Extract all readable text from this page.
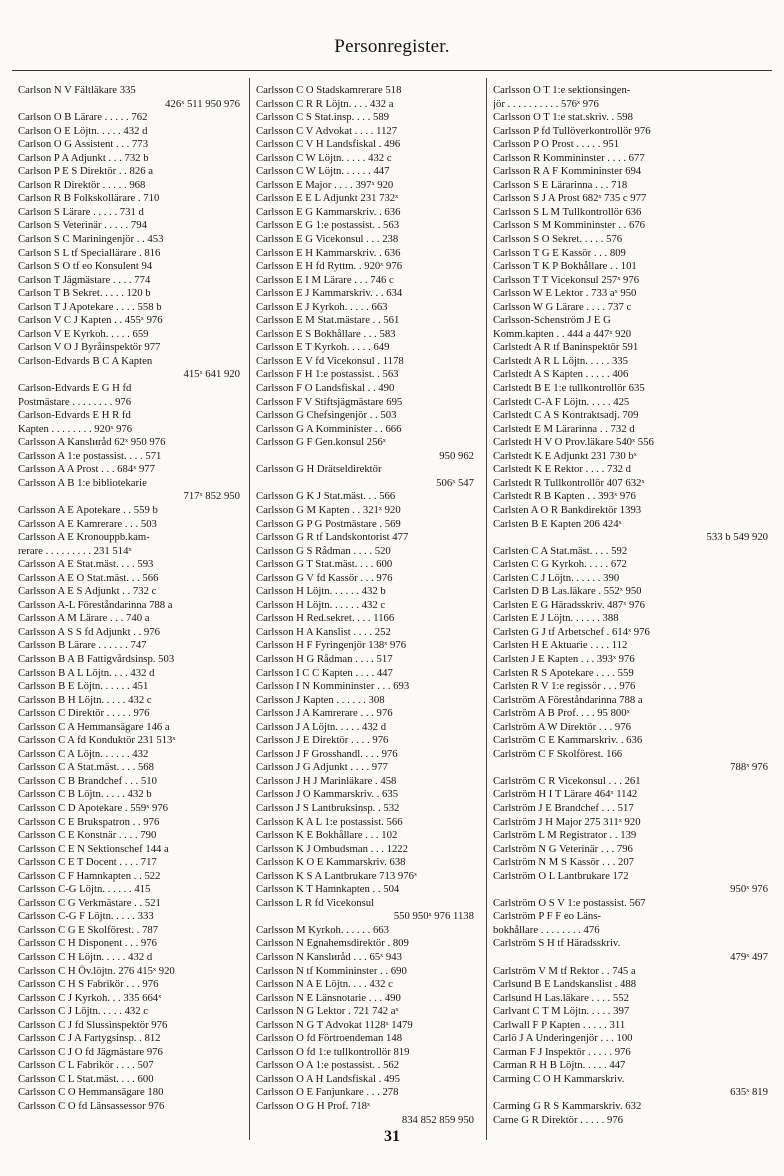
Personregister.
Carlson N V Fältläkare 335
426ˣ 511 950 976
Carlson O B Lärare . . . . . 762
Carlson O E Löjtn. . . . . 432 d
Carlson O G Assistent . . . 773
Carlson P A Adjunkt . . . 732 b
Carlson P E S Direktör . . 826 a
Carlson R Direktör . . . . . 968
Carlson R B Folkskollärare . 710
Carlson S Lärare . . . . . 731 d
Carlson S Veterinär . . . . . 794
Carlson S C Mariningenjör . . 453
Carlson S L tf Speciallärare . 816
Carlson S O tf eo Konsulent 94
Carlson T Jägmästare . . . . 774
Carlson T B Sekret. . . . . 120 b
Carlson T J Apotekare . . . . 558 b
Carlson V C J Kapten . . 455ˣ 976
Carlson V E Kyrkoh. . . . . 659
Carlson V O J Byråinspektör 977
Carlson-Edvards B C A Kapten
415ˣ 641 920
Carlson-Edvards E G H fd
Postmästare . . . . . . . . 976
Carlson-Edvards E H R fd
Kapten . . . . . . . . 920ˣ 976
Carlsson A Kanslиråd 62ˣ 950 976
Carlsson A 1:e postassist. . . . 571
Carlsson A A Prost . . . 684ˣ 977
Carlsson A B 1:e bibliotekarie
717ˣ 852 950
Carlsson A E Apotekare . . 559 b
Carlsson A E Kamrerare . . . 503
Carlsson A E Kronouppb.kam-
rerare . . . . . . . . . 231 514ˣ
Carlsson A E Stat.mäst. . . . 593
Carlsson A E O Stat.mäst. . . 566
Carlsson A E S Adjunkt . . 732 c
Carlsson A-L Föreståndarinna 788 a
Carlsson A M Lärare . . . 740 a
Carlsson A S S fd Adjunkt . . 976
Carlsson B Lärare . . . . . . 747
Carlsson B A B Fattigvårdsinsp. 503
Carlsson B A L Löjtn. . . . 432 d
Carlsson B E Löjtn. . . . . . 451
Carlsson B H Löjtn. . . . . 432 c
Carlsson C Direktör . . . . . 976
Carlsson C A Hemmansägare 146 a
Carlsson C A fd Konduktör 231 513ˣ
Carlsson C A Löjtn. . . . . . 432
Carlsson C A Stat.mäst. . . . 568
Carlsson C B Brandchef . . . 510
Carlsson C B Löjtn. . . . . 432 b
Carlsson C D Apotekare . 559ˣ 976
Carlsson C E Brukspatron . . 976
Carlsson C E Konstnär . . . . 790
Carlsson C E N Sektionschef 144 a
Carlsson C E T Docent . . . . 717
Carlsson C F Hamnkapten . . 522
Carlsson C-G Löjtn. . . . . . 415
Carlsson C G Verkmästare . . 521
Carlsson C-G F Löjtn. . . . . 333
Carlsson C G E Skolförest. . 787
Carlsson C H Disponent . . . 976
Carlsson C H Löjtn. . . . . 432 d
Carlsson C H Öv.löjtn. 276 415ˣ 920
Carlsson C H S Fabrikör . . . 976
Carlsson C J Kyrkoh. . . 335 664ˣ
Carlsson C J Löjtn. . . . . 432 c
Carlsson C J fd Slussinspektör 976
Carlsson C J A Fartygsinsp. . 812
Carlsson C J O fd Jägmästare 976
Carlsson C L Fabrikör . . . . 507
Carlsson C L Stat.mäst. . . . 600
Carlsson C O Hemmansägare 180
Carlsson C O fd Länsassessor 976
Carlsson C O Stadskamrerare 518
Carlsson C R R Löjtn. . . . 432 a
Carlsson C S Stat.insp. . . . 589
Carlsson C V Advokat . . . . 1127
Carlsson C V H Landsfiskal . 496
Carlsson C W Löjtn. . . . . 432 c
Carlsson C W Löjtn. . . . . . 447
Carlsson E Major . . . . 397ˣ 920
Carlsson E E L Adjunkt 231 732ˣ
Carlsson E G Kammarskriv. . 636
Carlsson E G 1:e postassist. . 563
Carlsson E G Vicekonsul . . . 238
Carlsson E H Kammarskriv. . 636
Carlsson E H fd Ryttm. . 920ˣ 976
Carlsson E I M Lärare . . . 746 c
Carlsson E J Kammarskriv. . . 634
Carlsson E J Kyrkoh. . . . . 663
Carlsson E M Stat.mästare . . 561
Carlsson E S Bokhållare . . . 583
Carlsson E T Kyrkoh. . . . . 649
Carlsson E V fd Vicekonsul . 1178
Carlsson F H 1:e postassist. . 563
Carlsson F O Landsfiskal . . 490
Carlsson F V Stiftsjägmästare 695
Carlsson G Chefsingenjör . . 503
Carlsson G A Komminister . . 666
Carlsson G F Gen.konsul 256ˣ
950 962
Carlsson G H Drätseldirektör
506ˣ 547
Carlsson G K J Stat.mäst. . . 566
Carlsson G M Kapten . . 321ˣ 920
Carlsson G P G Postmästare . 569
Carlsson G R tf Landskontorist 477
Carlsson G S Rådman . . . . 520
Carlsson G T Stat.mäst. . . . 600
Carlsson G V fd Kassör . . . 976
Carlsson H Löjtn. . . . . . 432 b
Carlsson H Löjtn. . . . . . 432 c
Carlsson H Red.sekret. . . . 1166
Carlsson H A Kanslist . . . . 252
Carlsson H F Fyringenjör 138ˣ 976
Carlsson H G Rådman . . . . 517
Carlsson I C C Kapten . . . . 447
Carlsson I N Kommininster . . . 693
Carlsson J Kapten . . . . . . 308
Carlsson J A Kamrerare . . . 976
Carlsson J A Löjtn. . . . . 432 d
Carlsson J E Direktör . . . . 976
Carlsson J F Grosshandl. . . . 976
Carlsson J G Adjunkt . . . . 977
Carlsson J H J Marinläkare . 458
Carlsson J O Kammarskriv. . 635
Carlsson J S Lantbruksinsp. . 532
Carlsson K A L 1:e postassist. 566
Carlsson K E Bokhållare . . . 102
Carlsson K J Ombudsman . . . 1222
Carlsson K O E Kammarskriv. 638
Carlsson K S A Lantbrukare 713 976ˣ
Carlsson K T Hamnkapten . . 504
Carlsson L R fd Vicekonsul
550 950ˣ 976 1138
Carlsson M Kyrkoh. . . . . . 663
Carlsson N Egnahemsdirektör . 809
Carlsson N Kanslиråd . . . 65ˣ 943
Carlsson N tf Kommininster . . 690
Carlsson N A E Löjtn. . . . 432 c
Carlsson N E Länsnotarie . . . 490
Carlsson N G Lektor . 721 742 aˣ
Carlsson N G T Advokat 1128ˣ 1479
Carlsson O fd Förtroendeman 148
Carlsson O fd 1:e tullkontrollör 819
Carlsson O A 1:e postassist. . 562
Carlsson O A H Landsfiskal . 495
Carlsson O E Fanjunkare . . . 278
Carlsson O G H Prof. 718ˣ
834 852 859 950
Carlsson O T 1:e sektionsingen-
jör . . . . . . . . . . 576ˣ 976
Carlsson O T 1:e stat.skriv. . 598
Carlsson P fd Tullöverkontrollör 976
Carlsson P O Prost . . . . . 951
Carlsson R Kommininster . . . . 677
Carlsson R A F Kommininster 694
Carlsson S E Lärarinna . . . 718
Carlsson S J A Prost 682ˣ 735 c 977
Carlsson S L M Tullkontrollör 636
Carlsson S M Kommininster . . 676
Carlsson S O Sekret. . . . . 576
Carlsson T G E Kassör . . . 809
Carlsson T K P Bokhållare . . 101
Carlsson T T Vicekonsul 257ˣ 976
Carlsson W E Lektor . 733 aˣ 950
Carlsson W G Lärare . . . . 737 c
Carlsson-Schenström J E G
Komm.kapten . . 444 a 447ˣ 920
Carlstedt A R tf Baninspektör 591
Carlstedt A R L Löjtn. . . . . 335
Carlstedt A S Kapten . . . . . 406
Carlstedt B E 1:e tullkontrollör 635
Carlstedt C-A F Löjtn. . . . . 425
Carlstedt C A S Kontraktsadj. 709
Carlstedt E M Lärarinna . . 732 d
Carlstedt H V O Prov.läkare 540ˣ 556
Carlstedt K E Adjunkt 231 730 bˣ
Carlstedt K E Rektor . . . . 732 d
Carlstedt R Tullkontrollör 407 632ˣ
Carlstedt R B Kapten . . 393ˣ 976
Carlsten A O R Bankdirektör 1393
Carlsten B E Kapten 206 424ˣ
533 b 549 920
Carlsten C A Stat.mäst. . . . 592
Carlsten C G Kyrkoh. . . . . 672
Carlsten C J Löjtn. . . . . . 390
Carlsten D B Las.läkare . 552ˣ 950
Carlsten E G Häradsskriv. 487ˣ 976
Carlsten E J Löjtn. . . . . . 388
Carlsten G J tf Arbetschef . 614ˣ 976
Carlsten H E Aktuarie . . . . 112
Carlsten J E Kapten . . . 393ˣ 976
Carlsten R S Apotekare . . . . 559
Carlsten R V 1:e regissör . . . 976
Carlström A Föreståndarinna 788 a
Carlström A B Prof. . . . 95 800ˣ
Carlström A W Direktör . . . 976
Carlström C E Kammarskriv. . 636
Carlström C F Skolförest. 166
788ˣ 976
Carlström C R Vicekonsul . . . 261
Carlström H I T Lärare 464ˣ 1142
Carlström J E Brandchef . . . 517
Carlström J H Major 275 311ˣ 920
Carlström L M Registrator . . 139
Carlström N G Veterinär . . . 796
Carlström N M S Kassör . . . 207
Carlström O L Lantbrukare 172
950ˣ 976
Carlström O S V 1:e postassist. 567
Carlström P F F eo Läns-
bokhållare . . . . . . . . 476
Carlström S H tf Häradsskriv.
479ˣ 497
Carlström V M tf Rektor . . 745 a
Carlsund B E Landskanslist . 488
Carlsund H Las.läkare . . . . 552
Carlvant C T M Löjtn. . . . . 397
Carlwall F P Kapten . . . . . 311
Carlö J A Underingenjör . . . 100
Carman F J Inspektör . . . . . 976
Carman R H B Löjtn. . . . . 447
Carming C O H Kammarskriv.
635ˣ 819
Carming G R S Kammarskriv. 632
Carne G R Direktör . . . . . 976
31
